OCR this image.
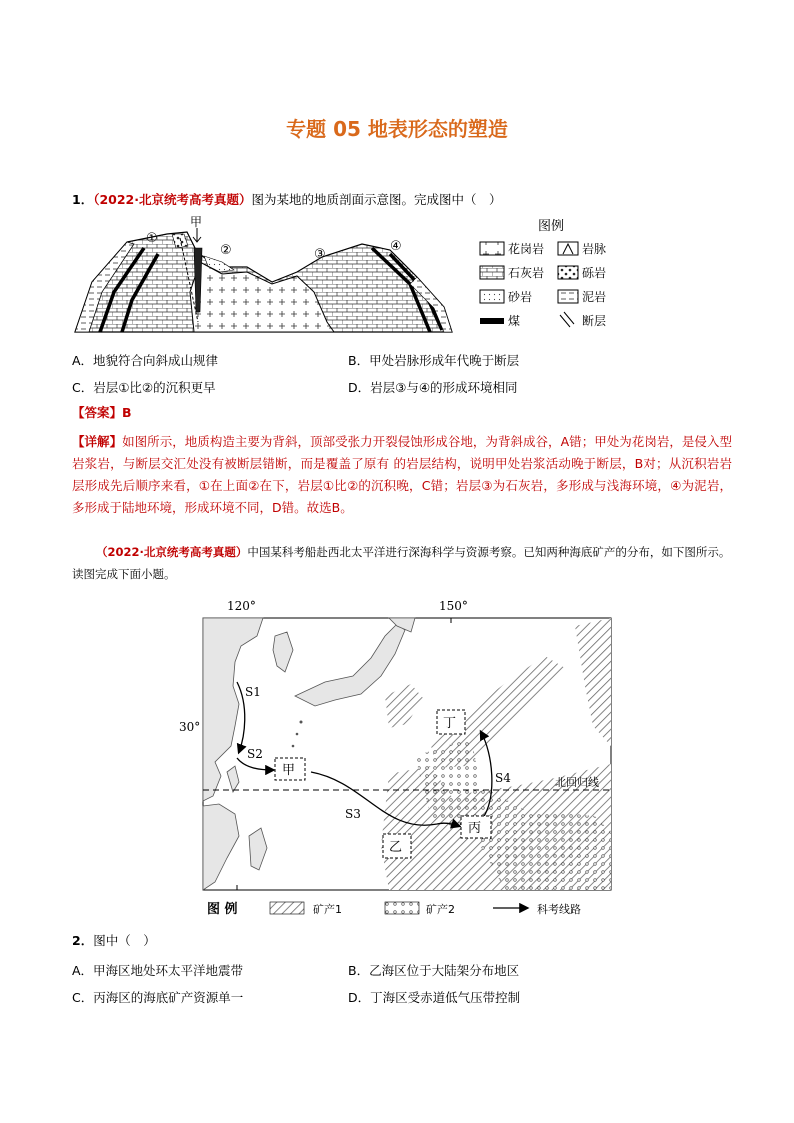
专题 05 地表形态的塑造
1．（2022·北京统考高考真题）图为某地的地质剖面示意图。完成图中（　）
甲
①
②	③
④
图例
花岗岩	岩脉
石灰岩	砾岩
砂岩	泥岩
煤	断层
A．地貌符合向斜成山规律	B．甲处岩脉形成年代晚于断层
C．岩层①比②的沉积更早	D．岩层③与④的形成环境相同
【答案】B
【详解】如图所示，地质构造主要为背斜，顶部受张力开裂侵蚀形成谷地，为背斜成谷，A错；甲处为花岗岩，是侵入型岩浆岩，与断层交汇处没有被断层错断，而是覆盖了原有 的岩层结构，说明甲处岩浆活动晚于断层，B对；从沉积岩岩层形成先后顺序来看，①在上面②在下，岩层①比②的沉积晚，C错；岩层③为石灰岩，多形成与浅海环境，④为泥岩，多形成于陆地环境，形成环境不同，D错。故选B。
（2022·北京统考高考真题）中国某科考船赴西北太平洋进行深海科学与资源考察。已知两种海底矿产的分布，如下图所示。读图完成下面小题。
120°	150°
30°
北回归线
S1
S2
S3
S4
甲
乙
丙
丁
图 例	矿产1	矿产2	科考线路
2．图中（　）
A．甲海区地处环太平洋地震带	B．乙海区位于大陆架分布地区
C．丙海区的海底矿产资源单一	D．丁海区受赤道低气压带控制
